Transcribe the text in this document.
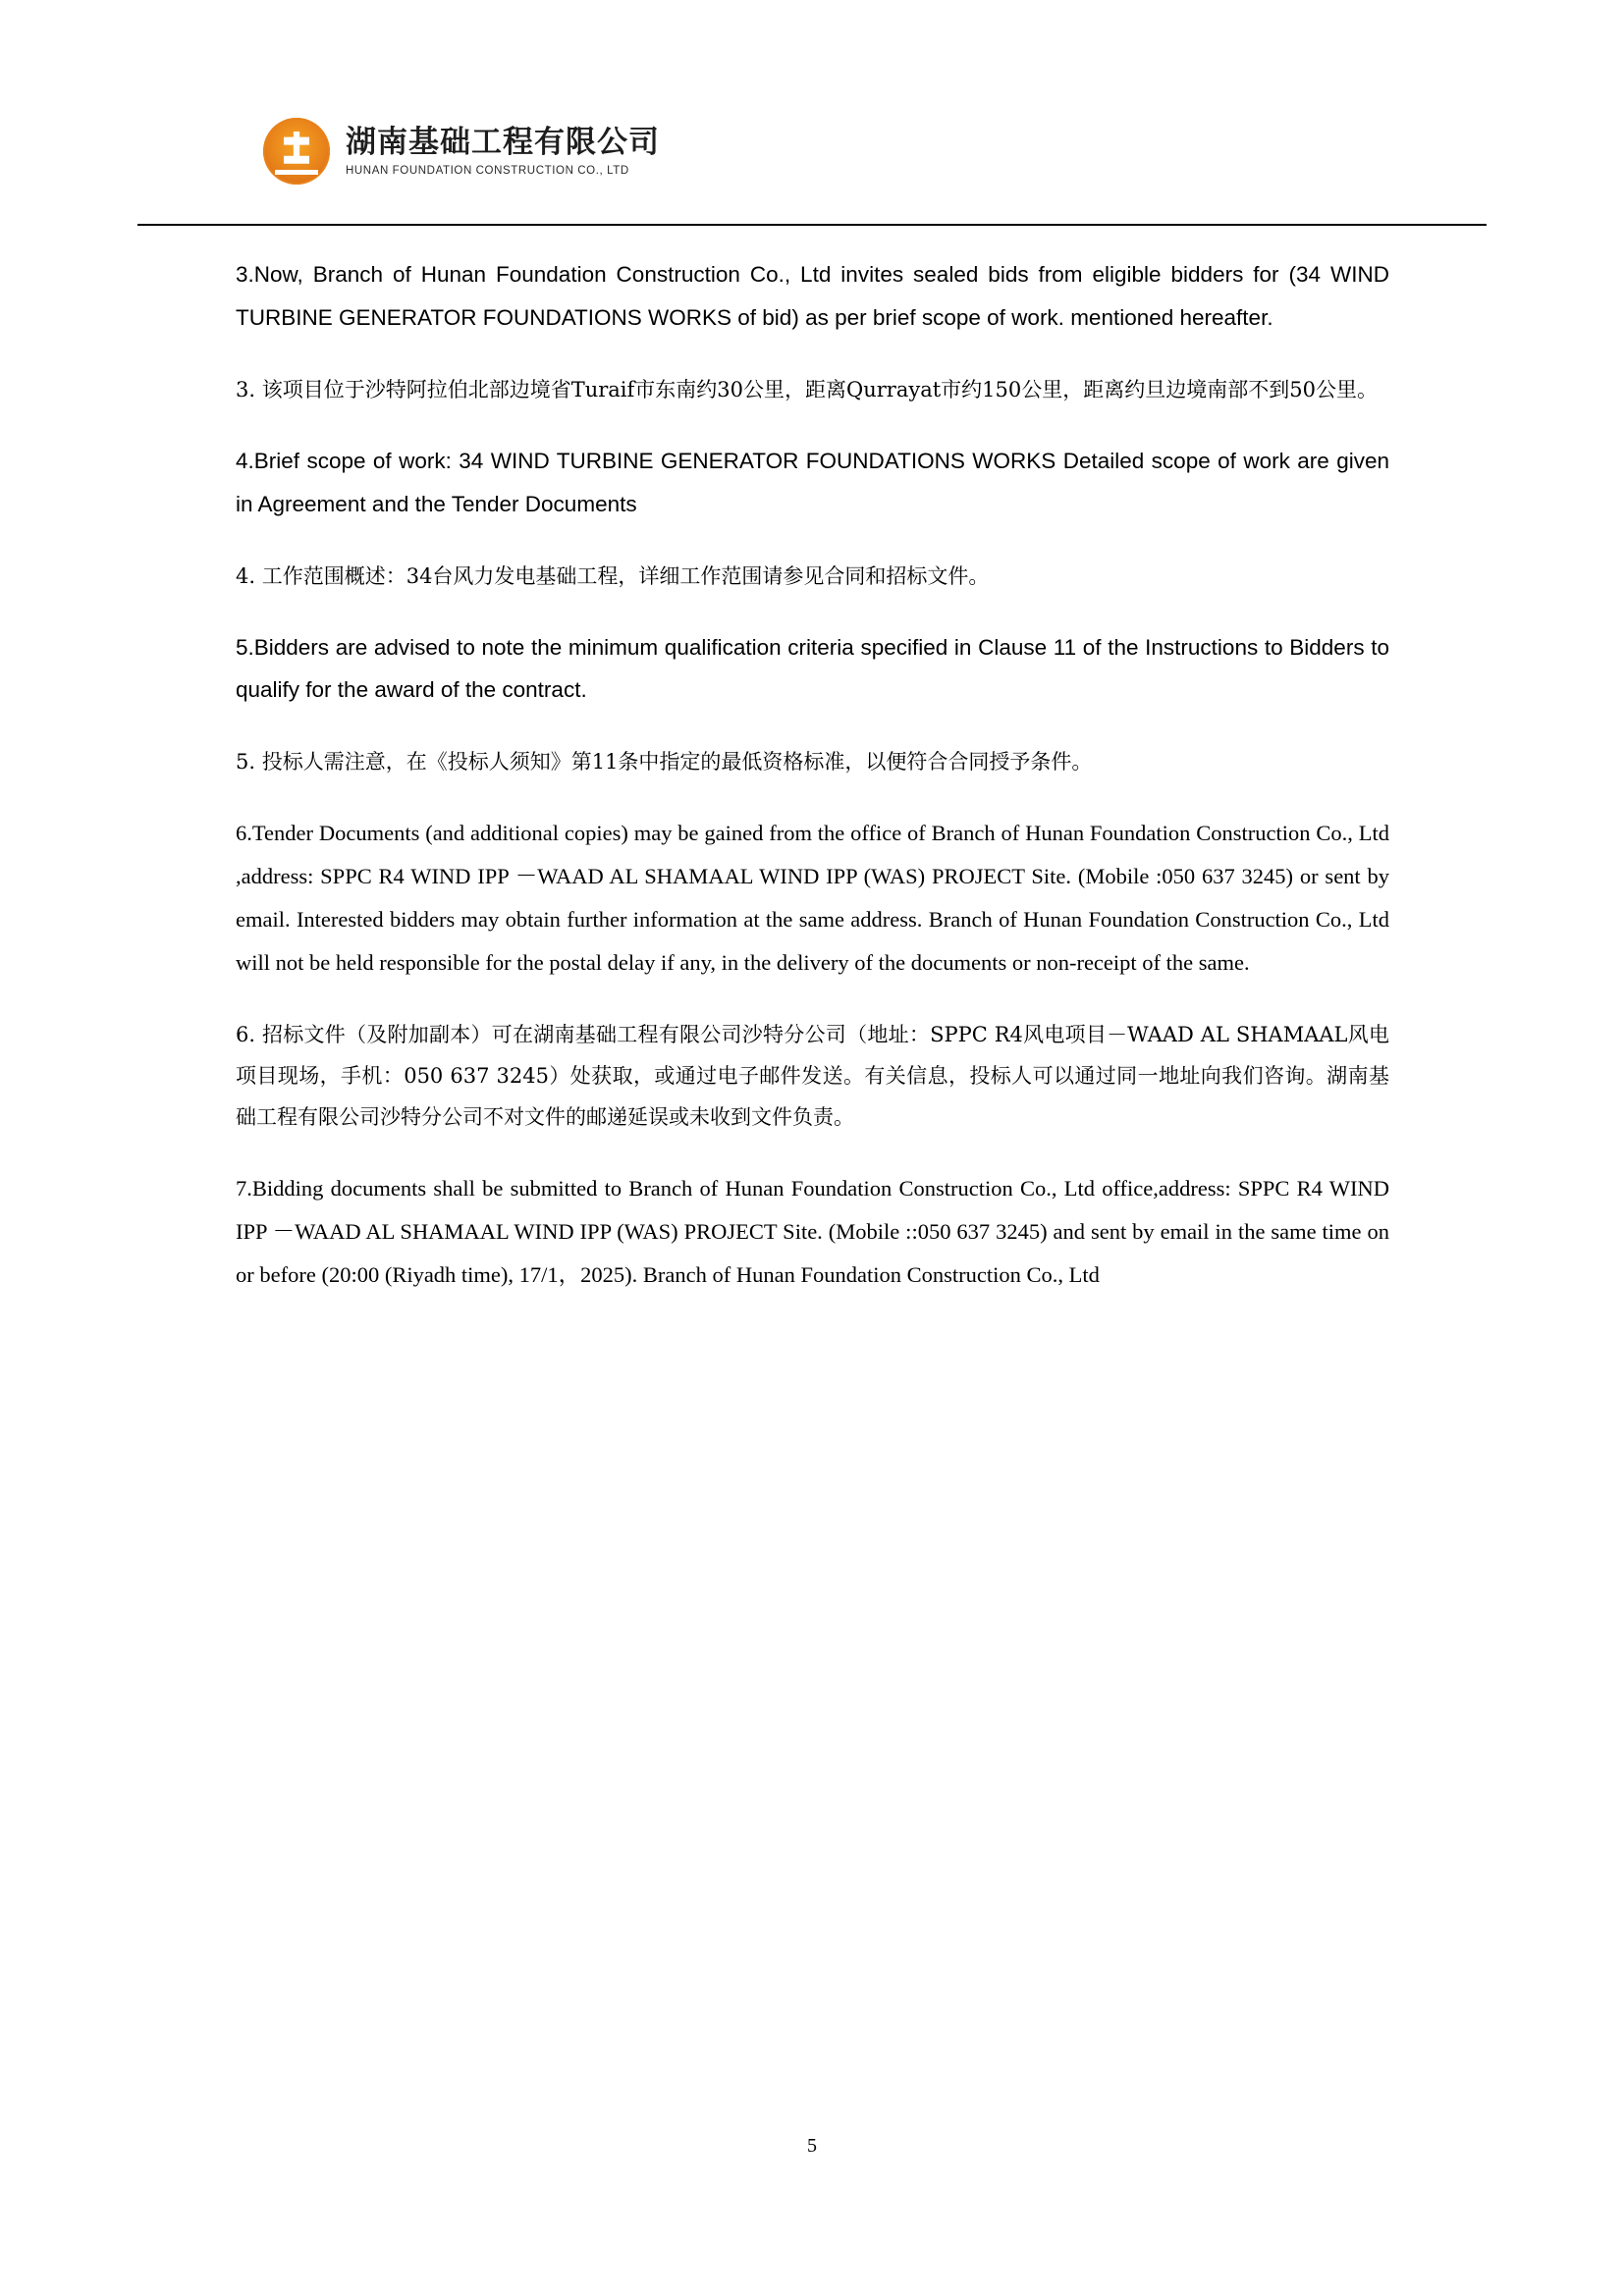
湖南基础工程有限公司
HUNAN FOUNDATION CONSTRUCTION CO., LTD

3.Now, Branch of Hunan Foundation Construction Co., Ltd invites sealed bids from eligible bidders for (34 WIND TURBINE GENERATOR FOUNDATIONS WORKS of bid) as per brief scope of work. mentioned hereafter.

3. 该项目位于沙特阿拉伯北部边境省Turaif市东南约30公里，距离Qurrayat市约150公里，距离约旦边境南部不到50公里。

4.Brief scope of work: 34 WIND TURBINE GENERATOR FOUNDATIONS WORKS Detailed scope of work are given in Agreement and the Tender Documents

4. 工作范围概述：34台风力发电基础工程，详细工作范围请参见合同和招标文件。

5.Bidders are advised to note the minimum qualification criteria specified in Clause 11 of the Instructions to Bidders to qualify for the award of the contract.

5. 投标人需注意，在《投标人须知》第11条中指定的最低资格标准，以便符合合同授予条件。

6.Tender Documents (and additional copies) may be gained from the office of Branch of Hunan Foundation Construction Co., Ltd ,address: SPPC R4 WIND IPP －WAAD AL SHAMAAL WIND IPP (WAS) PROJECT Site. (Mobile :050 637 3245) or sent by email. Interested bidders may obtain further information at the same address. Branch of Hunan Foundation Construction Co., Ltd will not be held responsible for the postal delay if any, in the delivery of the documents or non-receipt of the same.

6. 招标文件（及附加副本）可在湖南基础工程有限公司沙特分公司（地址：SPPC R4风电项目－WAAD AL SHAMAAL风电项目现场，手机：050 637 3245）处获取，或通过电子邮件发送。有关信息，投标人可以通过同一地址向我们咨询。湖南基础工程有限公司沙特分公司不对文件的邮递延误或未收到文件负责。

7.Bidding documents shall be submitted to Branch of Hunan Foundation Construction Co., Ltd office,address: SPPC R4 WIND IPP －WAAD AL SHAMAAL WIND IPP (WAS) PROJECT Site. (Mobile ::050 637 3245) and sent by email in the same time on or before (20:00 (Riyadh time), 17/1，2025). Branch of Hunan Foundation Construction Co., Ltd

5
